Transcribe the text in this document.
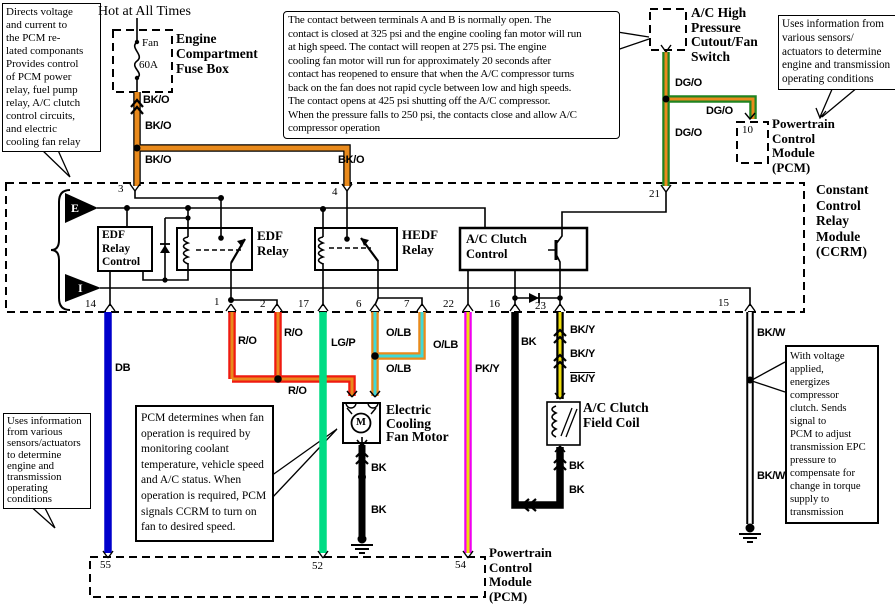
Directs voltage
and current to
the PCM re-
lated componants
Provides control
of PCM power
relay, fuel pump
relay, A/C clutch
control circuits,
and electric
cooling fan relay
The contact between terminals A and B is normally open. The
contact is closed at 325 psi and the engine cooling fan motor will run
at high speed. The contact will reopen at 275 psi. The engine
cooling fan motor will run for approximately 20 seconds after
contact has reopened to ensure that when the A/C compressor turns
back on the fan does not rapid cycle between low and high speeds.
The contact opens at 425 psi shutting off the A/C compressor.
When the pressure falls to 250 psi, the contacts close and allow A/C
compressor operation
Uses information from
various sensors/
actuators to determine
engine and transmission
operating conditions
Uses information
from various
sensors/actuators
to determine
engine and
transmission
operating
conditions
PCM determines when fan
operation is required by
monitoring coolant
temperature, vehicle speed
and A/C status. When
operation is required, PCM
signals CCRM to turn on
fan to desired speed.
With voltage applied,
energizes compressor
clutch. Sends signal to
PCM to adjust
transmission EPC
pressure to
compensate for
change in torque
supply to transmission
Hot at All Times
Fan
60A
Engine
Compartment
Fuse Box
A/C High
Pressure
Cutout/Fan
Switch
Powertrain
Control
Module
(PCM)
Constant
Control
Relay
Module
(CCRM)
EDF
Relay
Control
EDF
Relay
HEDF
Relay
A/C Clutch
Control
Electric
Cooling
Fan Motor
A/C Clutch
Field Coil
Powertrain
Control
Module
(PCM)
E
I
M
3	4	21
14	1	2	17	6	7	22	16	23	15
55	52	54
10
BK/O
BK/O
BK/O	BK/O
DG/O
DG/O
DG/O
DB
R/O
R/O
R/O
LG/P
O/LB
O/LB
O/LB	PK/Y
BK
BK/Y
BK/Y
BK/Y
BK
BK
BK
BK
BK/W
BK/W
